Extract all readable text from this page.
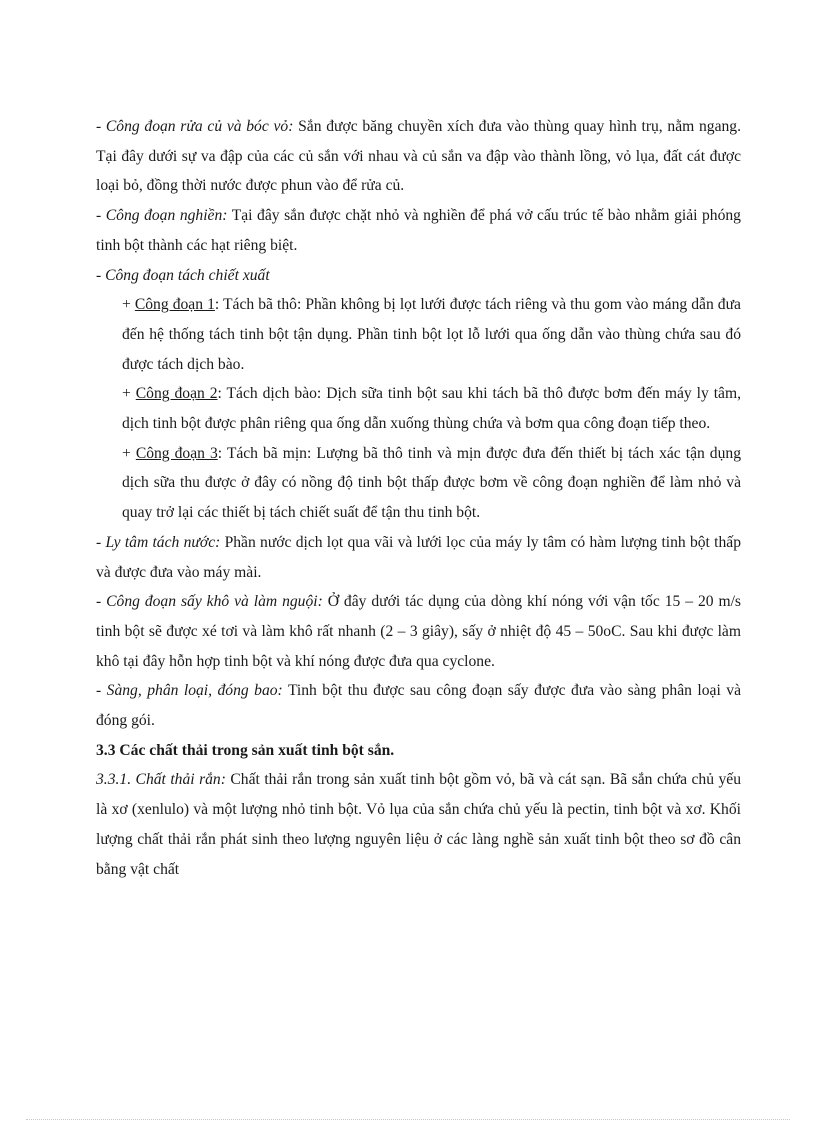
- Công đoạn rửa củ và bóc vỏ: Sắn được băng chuyền xích đưa vào thùng quay hình trụ, nằm ngang. Tại đây dưới sự va đập của các củ sắn với nhau và củ sắn va đập vào thành lồng, vỏ lụa, đất cát được loại bỏ, đồng thời nước được phun vào để rửa củ.

- Công đoạn nghiền: Tại đây sắn được chặt nhỏ và nghiền để phá vở cấu trúc tế bào nhằm giải phóng tinh bột thành các hạt riêng biệt.

- Công đoạn tách chiết xuất

+ Công đoạn 1: Tách bã thô: Phần không bị lọt lưới được tách riêng và thu gom vào máng dẫn đưa đến hệ thống tách tinh bột tận dụng. Phần tinh bột lọt lỗ lưới qua ống dẫn vào thùng chứa sau đó được tách dịch bào.

+ Công đoạn 2: Tách dịch bào: Dịch sữa tinh bột sau khi tách bã thô được bơm đến máy ly tâm, dịch tinh bột được phân riêng qua ống dẫn xuống thùng chứa và bơm qua công đoạn tiếp theo.

+ Công đoạn 3: Tách bã mịn: Lượng bã thô tinh và mịn được đưa đến thiết bị tách xác tận dụng dịch sữa thu được ở đây có nồng độ tinh bột thấp được bơm về công đoạn nghiền để làm nhỏ và quay trở lại các thiết bị tách chiết suất để tận thu tinh bột.

- Ly tâm tách nước: Phần nước dịch lọt qua vãi và lưới lọc của máy ly tâm có hàm lượng tinh bột thấp và được đưa vào máy mài.

- Công đoạn sấy khô và làm nguội: Ở đây dưới tác dụng của dòng khí nóng với vận tốc 15 – 20 m/s tinh bột sẽ được xé tơi và làm khô rất nhanh (2 – 3 giây), sấy ở nhiệt độ 45 – 50oC. Sau khi được làm khô tại đây hỗn hợp tinh bột và khí nóng được đưa qua cyclone.

- Sàng, phân loại, đóng bao: Tinh bột thu được sau công đoạn sấy được đưa vào sàng phân loại và đóng gói.

3.3 Các chất thải trong sản xuất tinh bột sắn.

3.3.1. Chất thải rắn: Chất thải rắn trong sản xuất tinh bột gồm vỏ, bã và cát sạn. Bã sắn chứa chủ yếu là xơ (xenlulo) và một lượng nhỏ tinh bột. Vỏ lụa của sắn chứa chủ yếu là pectin, tinh bột và xơ. Khối lượng chất thải rắn phát sinh theo lượng nguyên liệu ở các làng nghề sản xuất tinh bột theo sơ đồ cân bằng vật chất
